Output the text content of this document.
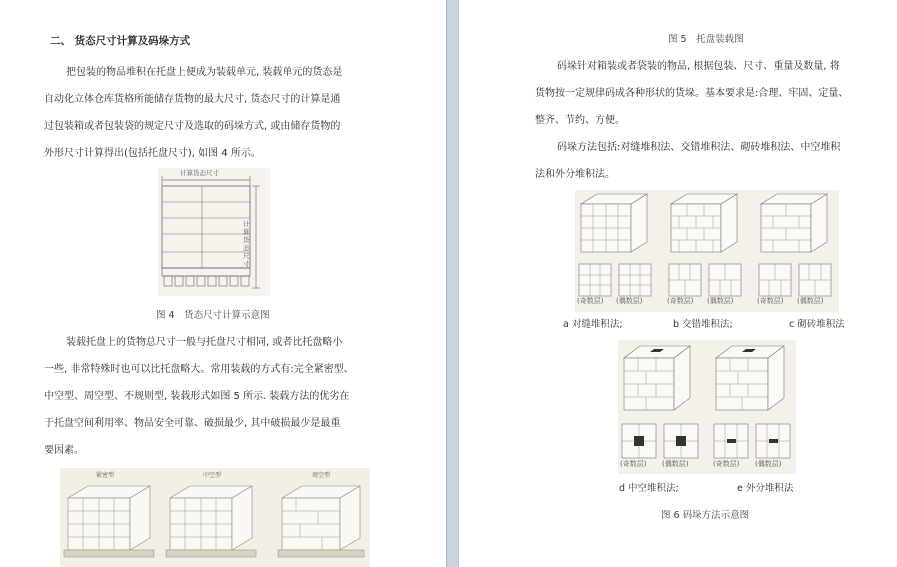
二、 货态尺寸计算及码垛方式
把包装的物品堆积在托盘上便成为装载单元, 装载单元的货态是
自动化立体仓库货格所能储存货物的最大尺寸, 货态尺寸的计算是通
过包装箱或者包装袋的规定尺寸及选取的码垛方式, 或由储存货物的
外形尺寸计算得出(包括托盘尺寸), 如图 4 所示。
计算货态尺寸
计算货态尺寸
图 4　货态尺寸计算示意图
装载托盘上的货物总尺寸一般与托盘尺寸相同, 或者比托盘略小
一些, 非常特殊时也可以比托盘略大。常用装载的方式有:完全紧密型、
中空型、周空型、不规则型, 装载形式如图 5 所示. 装载方法的优劣在
于托盘空间利用率、物品安全可靠、破损最少, 其中破损最少是最重
要因素。
紧密型	中空型	周空型
图 5　托盘装载图
码垛针对箱装或者袋装的物品, 根据包装、尺寸、重量及数量, 将
货物按一定规律码成各种形状的货垛。基本要求是:合理、牢固、定量、
整齐、节约、方便。
码垛方法包括:对缝堆积法、交错堆积法、砌砖堆积法、中空堆积
法和外分堆积法。
(奇数层) (偶数层)	(奇数层) (偶数层)	(奇数层) (偶数层)
a 对缝堆积法;	b 交错堆积法;	c 砌砖堆积法
(奇数层) (偶数层)	(奇数层) (偶数层)
d 中空堆积法;	e 外分堆积法
图 6 码垛方法示意图
